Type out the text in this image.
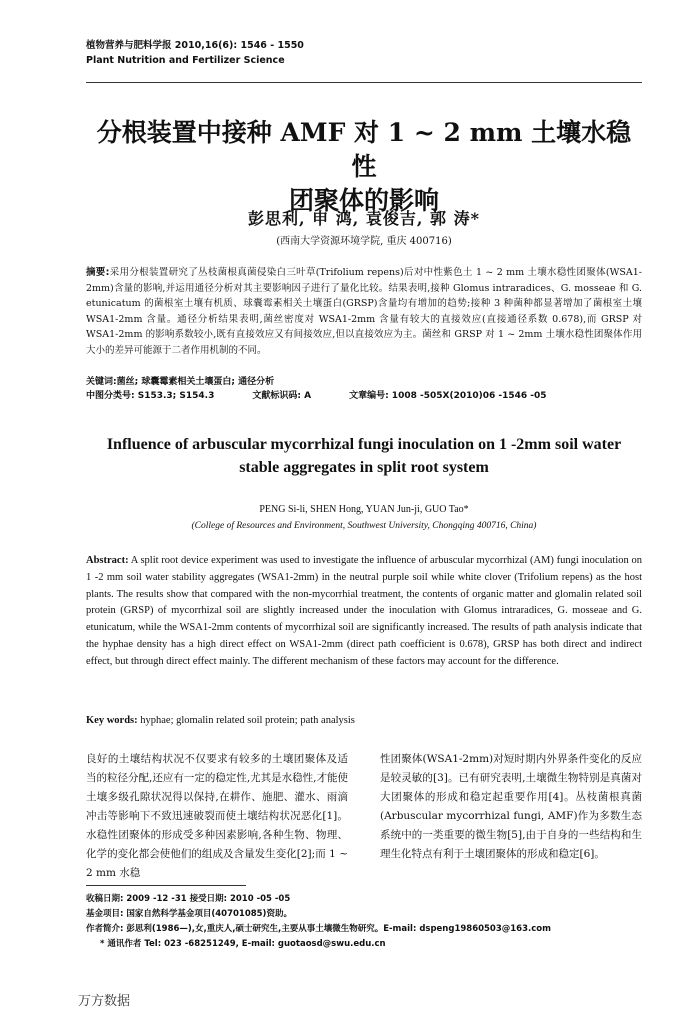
植物营养与肥料学报 2010,16(6): 1546 - 1550
Plant Nutrition and Fertilizer Science
分根装置中接种 AMF 对 1 ~ 2 mm 土壤水稳性
团聚体的影响
彭思利, 申 鸿, 袁俊吉, 郭 涛*
(西南大学资源环境学院, 重庆 400716)
摘要:采用分根装置研究了丛枝菌根真菌侵染白三叶草(Trifolium repens)后对中性紫色土 1 ~ 2 mm 土壤水稳性团聚体(WSA1-2mm)含量的影响,并运用通径分析对其主要影响因子进行了量化比较。结果表明,接种 Glomus intraradices、G. mosseae 和 G. etunicatum 的菌根室土壤有机质、球囊霉素相关土壤蛋白(GRSP)含量均有增加的趋势;接种 3 种菌种都显著增加了菌根室土壤 WSA1-2mm 含量。通径分析结果表明,菌丝密度对 WSA1-2mm 含量有较大的直接效应(直接通径系数 0.678),而 GRSP 对 WSA1-2mm 的影响系数较小,既有直接效应又有间接效应,但以直接效应为主。菌丝和 GRSP 对 1 ~ 2mm 土壤水稳性团聚体作用大小的差异可能源于二者作用机制的不同。
关键词:菌丝; 球囊霉素相关土壤蛋白; 通径分析
中图分类号: S153.3; S154.3	文献标识码: A	文章编号: 1008 -505X(2010)06 -1546 -05
Influence of arbuscular mycorrhizal fungi inoculation on 1 -2mm soil water
stable aggregates in split root system
PENG Si-li, SHEN Hong, YUAN Jun-ji, GUO Tao*
(College of Resources and Environment, Southwest University, Chongqing 400716, China)
Abstract: A split root device experiment was used to investigate the influence of arbuscular mycorrhizal (AM) fungi inoculation on 1 -2 mm soil water stability aggregates (WSA1-2mm) in the neutral purple soil while white clover (Trifolium repens) as the host plants. The results show that compared with the non-mycorrhial treatment, the contents of organic matter and glomalin related soil protein (GRSP) of mycorrhizal soil are slightly increased under the inoculation with Glomus intraradices, G. mosseae and G. etunicatum, while the WSA1-2mm contents of mycorrhizal soil are significantly increased. The results of path analysis indicate that the hyphae density has a high direct effect on WSA1-2mm (direct path coefficient is 0.678), GRSP has both direct and indirect effect, but through direct effect mainly. The different mechanism of these factors may account for the difference.
Key words: hyphae; glomalin related soil protein; path analysis
良好的土壤结构状况不仅要求有较多的土壤团聚体及适当的粒径分配,还应有一定的稳定性,尤其是水稳性,才能使土壤多级孔隙状况得以保持,在耕作、施肥、灌水、雨滴冲击等影响下不致迅速破裂而使土壤结构状况恶化[1]。水稳性团聚体的形成受多种因素影响,各种生物、物理、化学的变化都会使他们的组成及含量发生变化[2];而 1 ~ 2 mm 水稳
性团聚体(WSA1-2mm)对短时期内外界条件变化的反应是较灵敏的[3]。已有研究表明,土壤微生物特别是真菌对大团聚体的形成和稳定起重要作用[4]。丛枝菌根真菌(Arbuscular mycorrhizal fungi, AMF)作为多数生态系统中的一类重要的微生物[5],由于自身的一些结构和生理生化特点有利于土壤团聚体的形成和稳定[6]。
收稿日期: 2009 -12 -31 接受日期: 2010 -05 -05
基金项目: 国家自然科学基金项目(40701085)资助。
作者简介: 彭思利(1986—),女,重庆人,硕士研究生,主要从事土壤微生物研究。E-mail: dspeng19860503@163.com
* 通讯作者 Tel: 023 -68251249, E-mail: guotaosd@swu.edu.cn
万方数据
